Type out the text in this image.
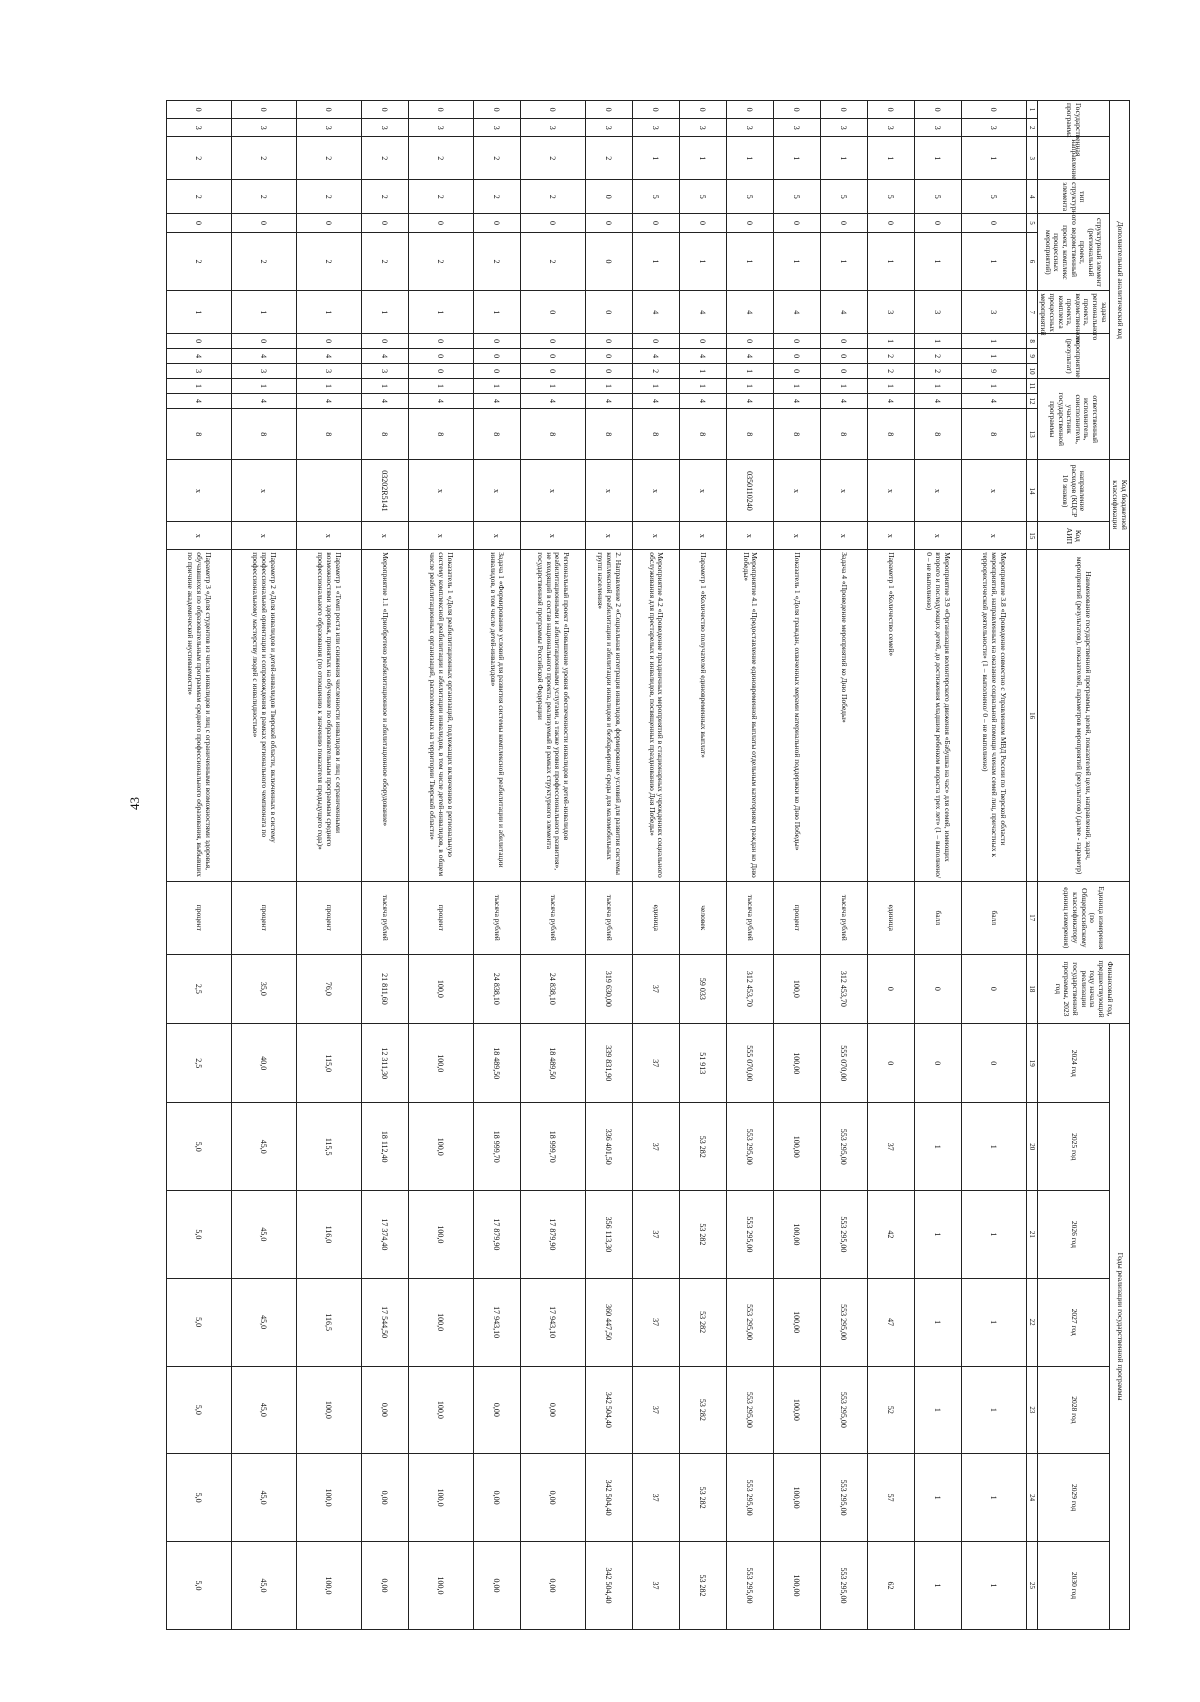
43
Дополнительный аналитический код													Код бюджетной классификации		Наименование государственной программы, целей, показателей цели, направлений, задач, мероприятий (результатов), показателей, параметров мероприятий (результатов) (далее - параметр)	Единица измерения (по Общероссийскому классификатору единиц измерения)	Финансовый год, предшествующий году начала реализации государственной программы, 2023 год	Годы реализации государственной программы						
Государственная программа		направление	тип структурного элемента	структурный элемент (региональный проект, ведомственный проект, комплекс процессных мероприятий)		задача регионального проекта, ведомственного проекта, комплекса процессных мероприятий	мероприятие (результат)			ответственный исполнитель, соисполнитель, участник государственной программы			направление расходов (КЦСР 10 знаков)	Код АИП				2024 год	2025 год	2026 год	2027 год	2028 год	2029 год	2030 год

1	2	3	4	5	6	7	8	9	10	11	12	13	14	15	16	17	18	19	20	21	22	23	24	25
0	3	1	5	0	1	3	1	1	9	1	4	8	х	х	Мероприятие 3.8 «Проведение совместно с Управлением МВД России по Тверской области мероприятий, направленных на оказание социальной помощи членам семей лиц, причастных к террористической деятельности» (1 – выполнено/ 0 – не выполнено)	балл	0	0	1	1	1	1	1	1
0	3	1	5	0	1	3	1	2	2	1	4	8	х	х	Мероприятие 3.9 «Организация волонтерского движения «Бабушка на час» для семей, имеющих второго и последующих детей, до достижения младшим ребенком возраста трех лет» (1 – выполнено/ 0 – не выполнено)	балл	0	0	1	1	1	1	1	1
0	3	1	5	0	1	3	1	2	2	1	4	8	х	х	Параметр 1 «Количество семей»	единица	0	0	37	42	47	52	57	62
0	3	1	5	0	1	4	0	0	0	1	4	8	х	х	Задача 4 «Проведение мероприятий ко Дню Победы»	тысяча рублей	312 453,70	555 070,00	553 295,00	553 295,00	553 295,00	553 295,00	553 295,00	553 295,00
0	3	1	5	0	1	4	0	0	0	1	4	8	х	х	Показатель 1 «Доля граждан, охваченных мерами материальной поддержки ко Дню Победы»	процент	100,0	100,00	100,00	100,00	100,00	100,00	100,00	100,00
0	3	1	5	0	1	4	0	4	1	1	4	8	0350110240	х	Мероприятие 4.1 «Предоставление единовременной выплаты отдельным категориям граждан ко Дню Победы»	тысяча рублей	312 453,70	555 070,00	553 295,00	553 295,00	553 295,00	553 295,00	553 295,00	553 295,00
0	3	1	5	0	1	4	0	4	1	1	4	8	х	х	Параметр 1 «Количество получателей единовременных выплат»	человек	59 033	51 913	53 282	53 282	53 282	53 282	53 282	53 282
0	3	1	5	0	1	4	0	4	2	1	4	8	х	х	Мероприятие 4.2 «Проведение праздничных мероприятий в стационарных учреждениях социального обслуживания для престарелых и инвалидов, посвященных празднованию Дня Победы»	единица	37	37	37	37	37	37	37	37
0	3	2	0	0	0	0	0	0	0	1	4	8	х	х	2. Направление 2 «Социальная интеграция инвалидов, формирование условий для развития системы комплексной реабилитации и абилитации инвалидов и безбарьерной среды для маломобильных групп населения»	тысяча рублей	319 630,00	339 831,90	336 401,50	356 113,30	360 447,50	342 504,40	342 504,40	342 504,40
0	3	2	2	0	2	0	0	0	0	1	4	8	х	х	Региональный проект «Повышение уровня обеспеченности инвалидов и детей-инвалидов реабилитационными и абилитационными услугами, а также уровня профессионального развития», не входящий в состав национального проекта, реализуемый в рамках структурного элемента государственной программы Российской Федерации	тысяча рублей	24 838,10	18 489,50	18 999,70	17 879,90	17 943,10	0,00	0,00	0,00
0	3	2	2	0	2	1	0	0	0	1	4	8	х	х	Задача 1 «Формирование условий для развития системы комплексной реабилитации и абилитации инвалидов, в том числе детей-инвалидов»	тысяча рублей	24 838,10	18 489,50	18 999,70	17 879,90	17 943,10	0,00	0,00	0,00
0	3	2	2	0	2	1	0	0	0	1	4	8	х	х	Показатель 1 «Доля реабилитационных организаций, подлежащих включению в региональную систему комплексной реабилитации и абилитации инвалидов, в том числе детей-инвалидов, в общем числе реабилитационных организаций, расположенных на территории Тверской области»	процент	100,0	100,0	100,0	100,0	100,0	100,0	100,0	100,0
0	3	2	2	0	2	1	0	4	3	1	4	8	03202R5141	х	Мероприятие 1.1 «Приобретено реабилитационное и абилитационное оборудование»	тысяча рублей	21 811,60	12 311,30	18 112,40	17 374,40	17 544,50	0,00	0,00	0,00
0	3	2	2	0	2	1	0	4	3	1	4	8		х	Параметр 1 «Темп роста или снижения численности инвалидов и лиц с ограниченными возможностями здоровья, принятых на обучение по образовательным программам среднего профессионального образования (по отношению к значению показателя предыдущего года)»	процент	76,0	115,0	115,5	116,0	116,5	100,0	100,0	100,0
0	3	2	2	0	2	1	0	4	3	1	4	8	х	х	Параметр 2 «Доля инвалидов и детей-инвалидов Тверской области, включенных в систему профессиональной ориентации и сопровождения в рамках регионального чемпионата по профессиональному мастерству людей с инвалидностью»	процент	35,0	40,0	45,0	45,0	45,0	45,0	45,0	45,0
0	3	2	2	0	2	1	0	4	3	1	4	8	х	х	Параметр 3 «Доля студентов из числа инвалидов и лиц с ограниченными возможностями здоровья, обучавшихся по образовательным программам среднего профессионального образования, выбывших по причине академической неуспеваемости»	процент	2,5	2,5	5,0	5,0	5,0	5,0	5,0	5,0
